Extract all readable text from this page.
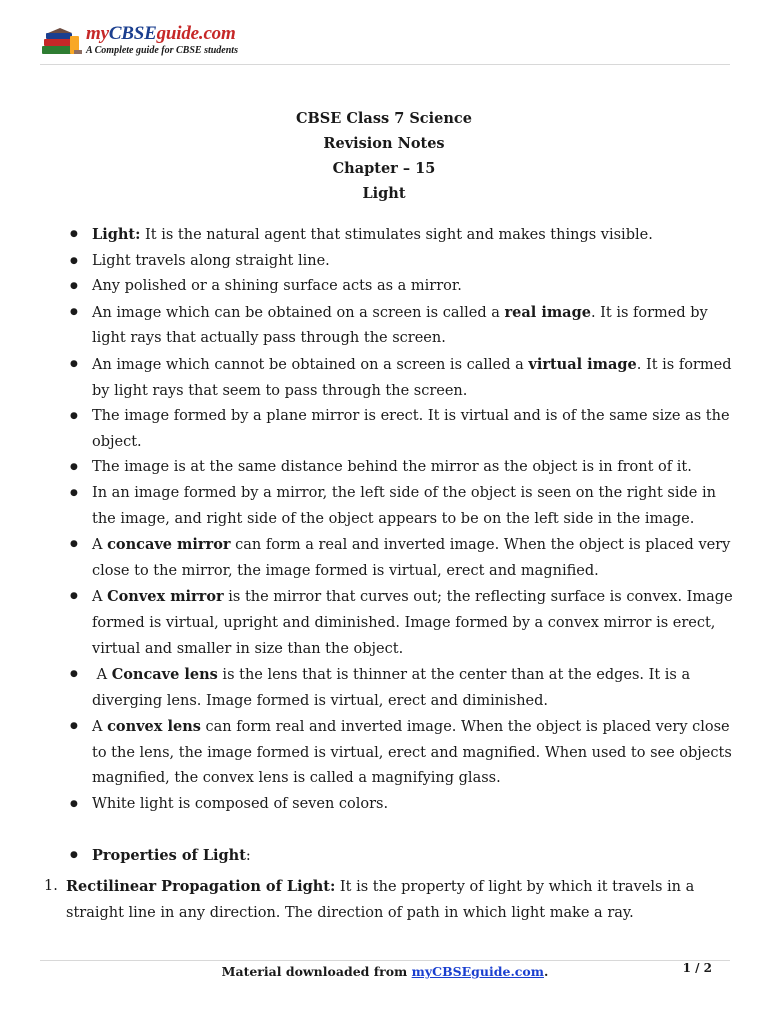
myCBSEguide.com
A Complete guide for CBSE students
CBSE Class 7 Science
Revision Notes
Chapter – 15
Light
● Light: It is the natural agent that stimulates sight and makes things visible.
● Light travels along straight line.
● Any polished or a shining surface acts as a mirror.
● An image which can be obtained on a screen is called a real image. It is formed by light rays that actually pass through the screen.
● An image which cannot be obtained on a screen is called a virtual image. It is formed by light rays that seem to pass through the screen.
● The image formed by a plane mirror is erect. It is virtual and is of the same size as the object.
● The image is at the same distance behind the mirror as the object is in front of it.
● In an image formed by a mirror, the left side of the object is seen on the right side in the image, and right side of the object appears to be on the left side in the image.
● A concave mirror can form a real and inverted image. When the object is placed very close to the mirror, the image formed is virtual, erect and magnified.
● A Convex mirror is the mirror that curves out; the reflecting surface is convex. Image formed is virtual, upright and diminished. Image formed by a convex mirror is erect, virtual and smaller in size than the object.
●  A Concave lens is the lens that is thinner at the center than at the edges. It is a diverging lens. Image formed is virtual, erect and diminished.
● A convex lens can form real and inverted image. When the object is placed very close to the lens, the image formed is virtual, erect and magnified. When used to see objects magnified, the convex lens is called a magnifying glass.
● White light is composed of seven colors.
● Properties of Light:
1. Rectilinear Propagation of Light: It is the property of light by which it travels in a straight line in any direction. The direction of path in which light make a ray.
Material downloaded from myCBSEguide.com.	1 / 2
